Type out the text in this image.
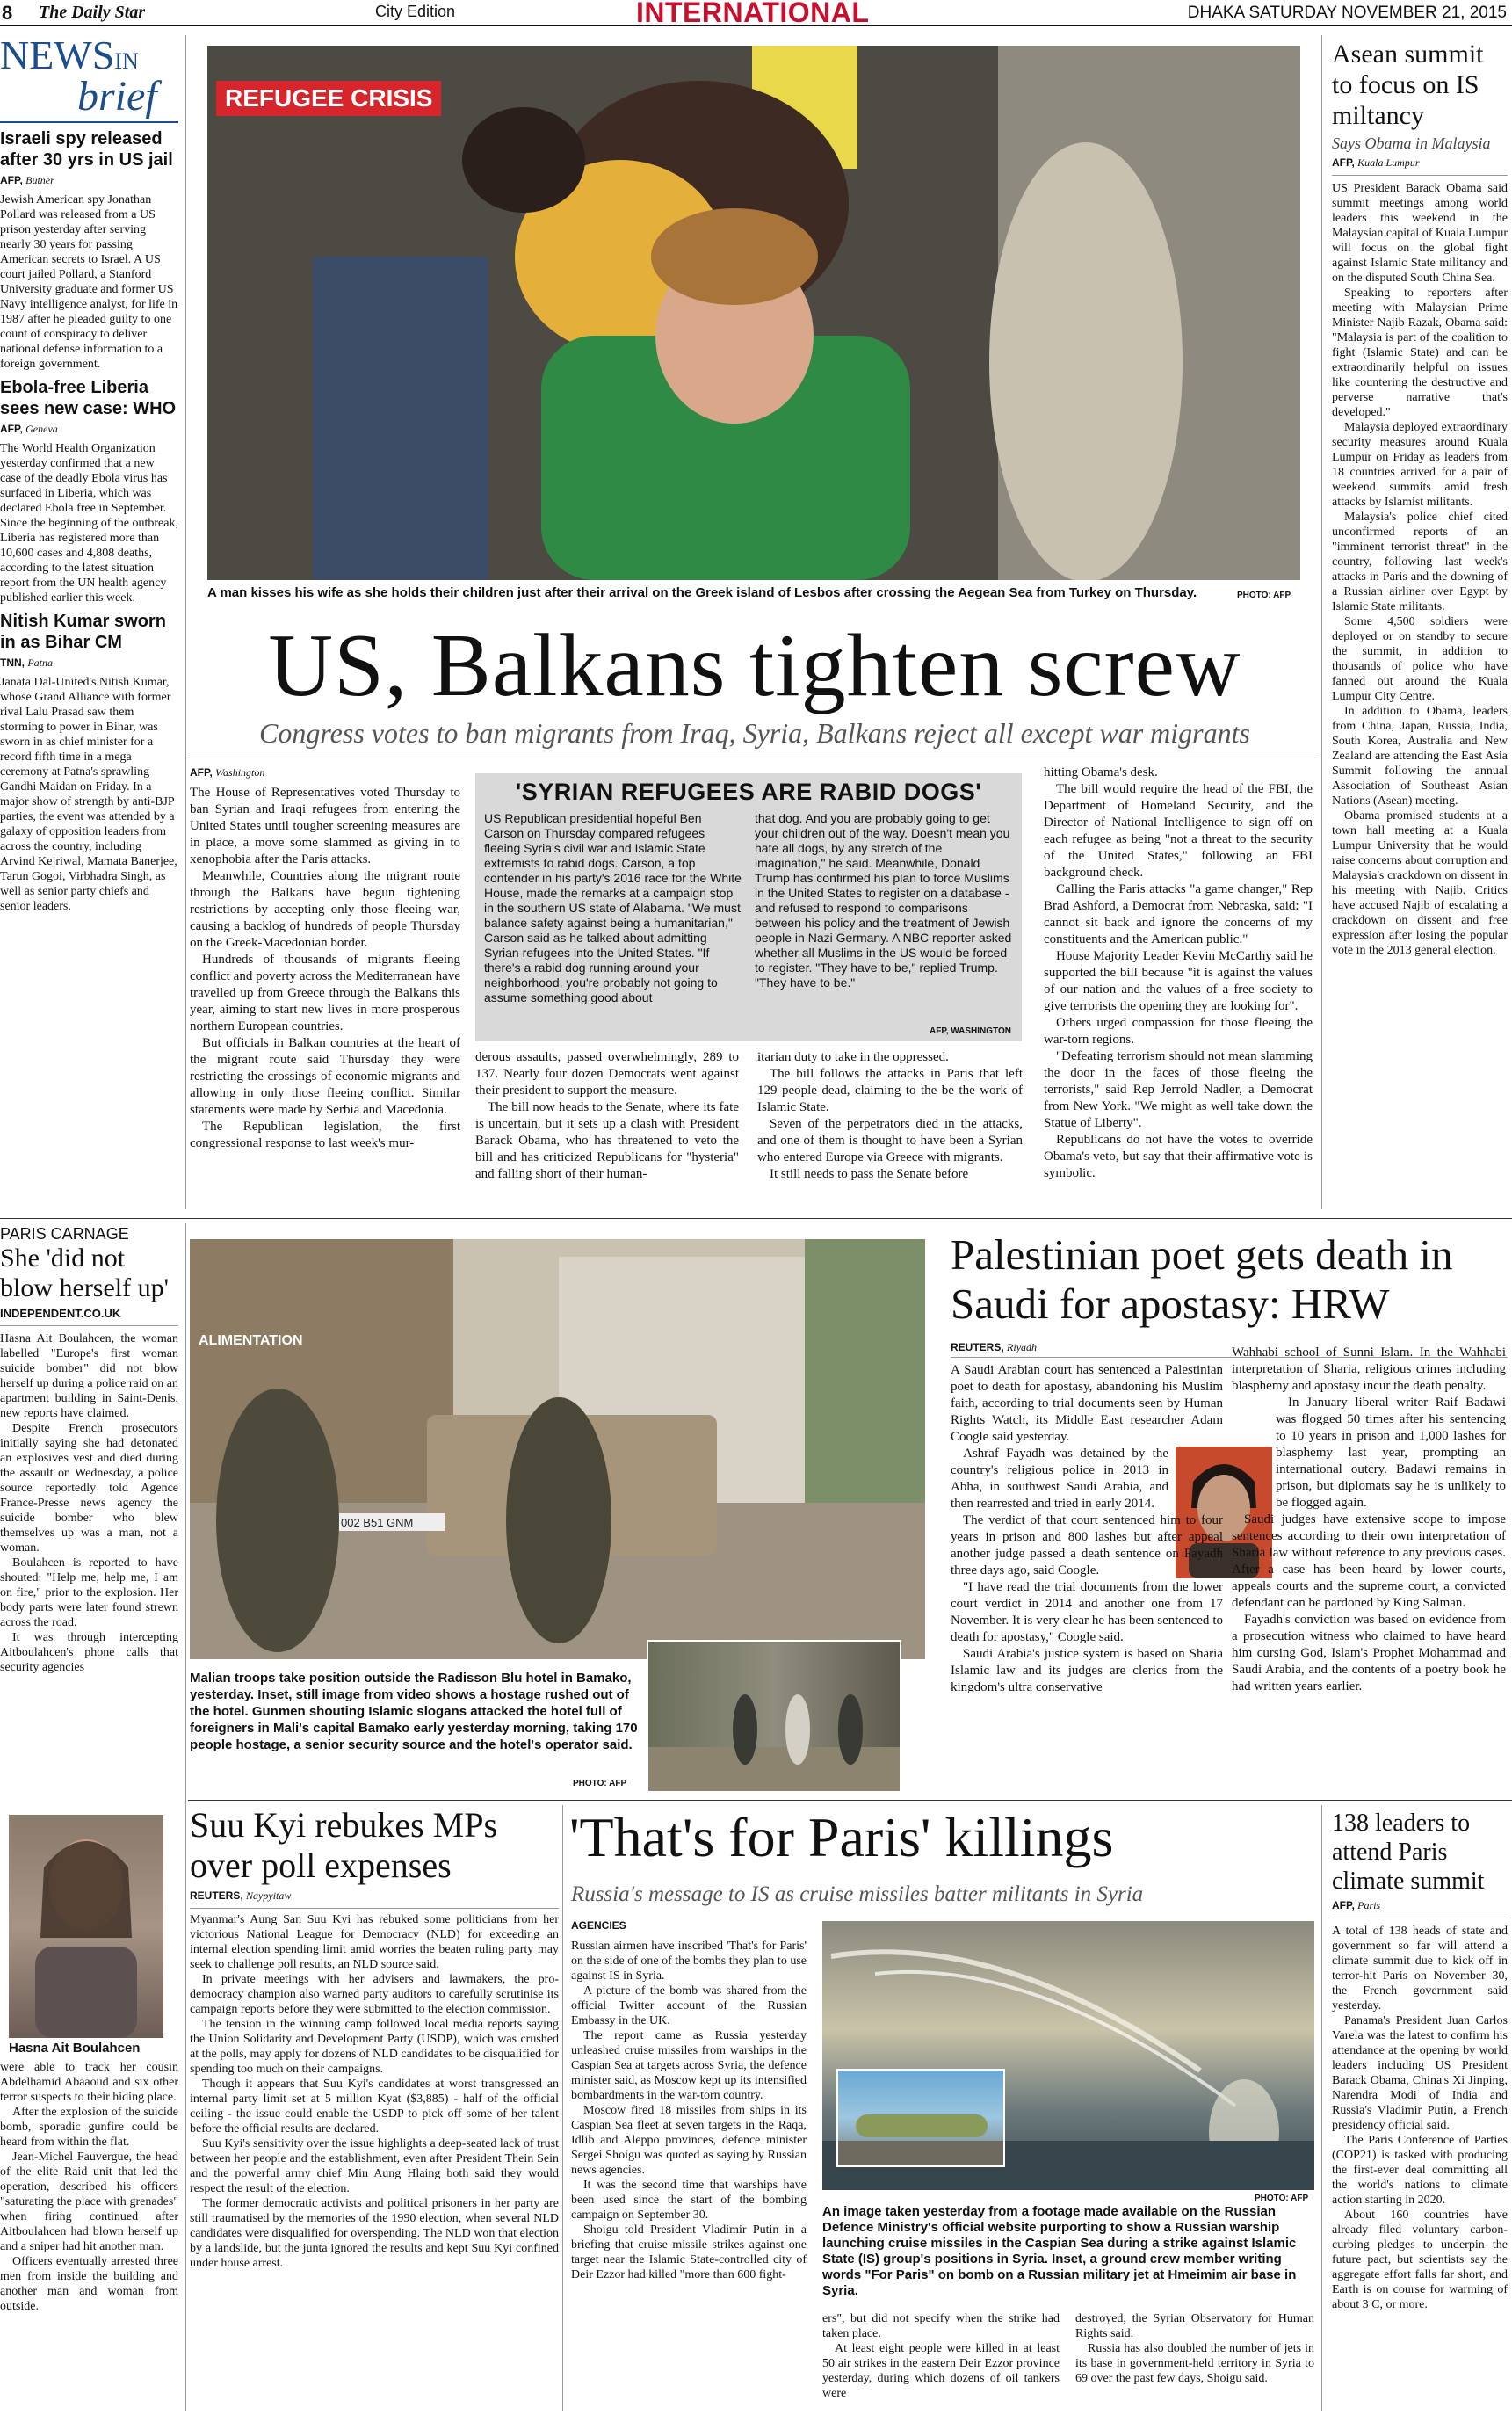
8 The Daily Star	City Edition	INTERNATIONAL	DHAKA SATURDAY NOVEMBER 21, 2015
NEWSIN
brief
Israeli spy released after 30 yrs in US jail
AFP, Butner

Jewish American spy Jonathan Pollard was released from a US prison yesterday after serving nearly 30 years for passing American secrets to Israel. A US court jailed Pollard, a Stanford University graduate and former US Navy intelligence analyst, for life in 1987 after he pleaded guilty to one count of conspiracy to deliver national defense information to a foreign government.

Ebola-free Liberia sees new case: WHO
AFP, Geneva

The World Health Organization yesterday confirmed that a new case of the deadly Ebola virus has surfaced in Liberia, which was declared Ebola free in September. Since the beginning of the outbreak, Liberia has registered more than 10,600 cases and 4,808 deaths, according to the latest situation report from the UN health agency published earlier this week.

Nitish Kumar sworn in as Bihar CM
TNN, Patna

Janata Dal-United's Nitish Kumar, whose Grand Alliance with former rival Lalu Prasad saw them storming to power in Bihar, was sworn in as chief minister for a record fifth time in a mega ceremony at Patna's sprawling Gandhi Maidan on Friday. In a major show of strength by anti-BJP parties, the event was attended by a galaxy of opposition leaders from across the country, including Arvind Kejriwal, Mamata Banerjee, Tarun Gogoi, Virbhadra Singh, as well as senior party chiefs and senior leaders.

REFUGEE CRISIS
A man kisses his wife as she holds their children just after their arrival on the Greek island of Lesbos after crossing the Aegean Sea from Turkey on Thursday.	PHOTO: AFP
Asean summit to focus on IS miltancy
Says Obama in Malaysia
AFP, Kuala Lumpur

US President Barack Obama said summit meetings among world leaders this weekend in the Malaysian capital of Kuala Lumpur will focus on the global fight against Islamic State militancy and on the disputed South China Sea.

Speaking to reporters after meeting with Malaysian Prime Minister Najib Razak, Obama said: "Malaysia is part of the coalition to fight (Islamic State) and can be extraordinarily helpful on issues like countering the destructive and perverse narrative that's developed."

Malaysia deployed extraordinary security measures around Kuala Lumpur on Friday as leaders from 18 countries arrived for a pair of weekend summits amid fresh attacks by Islamist militants.

Malaysia's police chief cited unconfirmed reports of an "imminent terrorist threat" in the country, following last week's attacks in Paris and the downing of a Russian airliner over Egypt by Islamic State militants.

Some 4,500 soldiers were deployed or on standby to secure the summit, in addition to thousands of police who have fanned out around the Kuala Lumpur City Centre.

In addition to Obama, leaders from China, Japan, Russia, India, South Korea, Australia and New Zealand are attending the East Asia Summit following the annual Association of Southeast Asian Nations (Asean) meeting.

Obama promised students at a town hall meeting at a Kuala Lumpur University that he would raise concerns about corruption and Malaysia's crackdown on dissent in his meeting with Najib. Critics have accused Najib of escalating a crackdown on dissent and free expression after losing the popular vote in the 2013 general election.

US, Balkans tighten screw
Congress votes to ban migrants from Iraq, Syria, Balkans reject all except war migrants
AFP, Washington

The House of Representatives voted Thursday to ban Syrian and Iraqi refugees from entering the United States until tougher screening measures are in place, a move some slammed as giving in to xenophobia after the Paris attacks.

Meanwhile, Countries along the migrant route through the Balkans have begun tightening restrictions by accepting only those fleeing war, causing a backlog of hundreds of people Thursday on the Greek-Macedonian border.

Hundreds of thousands of migrants fleeing conflict and poverty across the Mediterranean have travelled up from Greece through the Balkans this year, aiming to start new lives in more prosperous northern European countries.

But officials in Balkan countries at the heart of the migrant route said Thursday they were restricting the crossings of economic migrants and allowing in only those fleeing conflict. Similar statements were made by Serbia and Macedonia.

The Republican legislation, the first congressional response to last week's mur-

'SYRIAN REFUGEES ARE RABID DOGS'
US Republican presidential hopeful Ben Carson on Thursday compared refugees fleeing Syria's civil war and Islamic State extremists to rabid dogs. Carson, a top contender in his party's 2016 race for the White House, made the remarks at a campaign stop in the southern US state of Alabama. "We must balance safety against being a humanitarian," Carson said as he talked about admitting Syrian refugees into the United States. "If there's a rabid dog running around your neighborhood, you're probably not going to assume something good about
that dog. And you are probably going to get your children out of the way. Doesn't mean you hate all dogs, by any stretch of the imagination," he said. Meanwhile, Donald Trump has confirmed his plan to force Muslims in the United States to register on a database - and refused to respond to comparisons between his policy and the treatment of Jewish people in Nazi Germany. A NBC reporter asked whether all Muslims in the US would be forced to register. "They have to be," replied Trump. "They have to be."
AFP, WASHINGTON

derous assaults, passed overwhelmingly, 289 to 137. Nearly four dozen Democrats went against their president to support the measure.

The bill now heads to the Senate, where its fate is uncertain, but it sets up a clash with President Barack Obama, who has threatened to veto the bill and has criticized Republicans for "hysteria" and falling short of their human-

itarian duty to take in the oppressed.

The bill follows the attacks in Paris that left 129 people dead, claiming to the be the work of Islamic State.

Seven of the perpetrators died in the attacks, and one of them is thought to have been a Syrian who entered Europe via Greece with migrants.

It still needs to pass the Senate before

hitting Obama's desk.

The bill would require the head of the FBI, the Department of Homeland Security, and the Director of National Intelligence to sign off on each refugee as being "not a threat to the security of the United States," following an FBI background check.

Calling the Paris attacks "a game changer," Rep Brad Ashford, a Democrat from Nebraska, said: "I cannot sit back and ignore the concerns of my constituents and the American public."

House Majority Leader Kevin McCarthy said he supported the bill because "it is against the values of our nation and the values of a free society to give terrorists the opening they are looking for".

Others urged compassion for those fleeing the war-torn regions.

"Defeating terrorism should not mean slamming the door in the faces of those fleeing the terrorists," said Rep Jerrold Nadler, a Democrat from New York. "We might as well take down the Statue of Liberty".

Republicans do not have the votes to override Obama's veto, but say that their affirmative vote is symbolic.

PARIS CARNAGE
She 'did not blow herself up'
INDEPENDENT.CO.UK

Hasna Ait Boulahcen, the woman labelled "Europe's first woman suicide bomber" did not blow herself up during a police raid on an apartment building in Saint-Denis, new reports have claimed.

Despite French prosecutors initially saying she had detonated an explosives vest and died during the assault on Wednesday, a police source reportedly told Agence France-Presse news agency the suicide bomber who blew themselves up was a man, not a woman.

Boulahcen is reported to have shouted: "Help me, help me, I am on fire," prior to the explosion. Her body parts were later found strewn across the road.

It was through intercepting Aitboulahcen's phone calls that security agencies

Hasna Ait Boulahcen

were able to track her cousin Abdelhamid Abaaoud and six other terror suspects to their hiding place.

After the explosion of the suicide bomb, sporadic gunfire could be heard from within the flat.

Jean-Michel Fauvergue, the head of the elite Raid unit that led the operation, described his officers "saturating the place with grenades" when firing continued after Aitboulahcen had blown herself up and a sniper had hit another man.

Officers eventually arrested three men from inside the building and another man and woman from outside.

ALIMENTATION
002 B51 GNM
Malian troops take position outside the Radisson Blu hotel in Bamako, yesterday. Inset, still image from video shows a hostage rushed out of the hotel. Gunmen shouting Islamic slogans attacked the hotel full of foreigners in Mali's capital Bamako early yesterday morning, taking 170 people hostage, a senior security source and the hotel's operator said.
PHOTO: AFP
Palestinian poet gets death in Saudi for apostasy: HRW
REUTERS, Riyadh

A Saudi Arabian court has sentenced a Palestinian poet to death for apostasy, abandoning his Muslim faith, according to trial documents seen by Human Rights Watch, its Middle East researcher Adam Coogle said yesterday.

Ashraf Fayadh was detained by the country's religious police in 2013 in Abha, in southwest Saudi Arabia, and then rearrested and tried in early 2014.

The verdict of that court sentenced him to four years in prison and 800 lashes but after appeal another judge passed a death sentence on Fayadh three days ago, said Coogle.

"I have read the trial documents from the lower court verdict in 2014 and another one from 17 November. It is very clear he has been sentenced to death for apostasy," Coogle said.

Saudi Arabia's justice system is based on Sharia Islamic law and its judges are clerics from the kingdom's ultra conservative

Wahhabi school of Sunni Islam. In the Wahhabi interpretation of Sharia, religious crimes including blasphemy and apostasy incur the death penalty.

In January liberal writer Raif Badawi was flogged 50 times after his sentencing to 10 years in prison and 1,000 lashes for blasphemy last year, prompting an international outcry. Badawi remains in prison, but diplomats say he is unlikely to be flogged again.

Saudi judges have extensive scope to impose sentences according to their own interpretation of Sharia law without reference to any previous cases. After a case has been heard by lower courts, appeals courts and the supreme court, a convicted defendant can be pardoned by King Salman.

Fayadh's conviction was based on evidence from a prosecution witness who claimed to have heard him cursing God, Islam's Prophet Mohammad and Saudi Arabia, and the contents of a poetry book he had written years earlier.

Suu Kyi rebukes MPs over poll expenses
REUTERS, Naypyitaw

Myanmar's Aung San Suu Kyi has rebuked some politicians from her victorious National League for Democracy (NLD) for exceeding an internal election spending limit amid worries the beaten ruling party may seek to challenge poll results, an NLD source said.

In private meetings with her advisers and lawmakers, the pro-democracy champion also warned party auditors to carefully scrutinise its campaign reports before they were submitted to the election commission.

The tension in the winning camp followed local media reports saying the Union Solidarity and Development Party (USDP), which was crushed at the polls, may apply for dozens of NLD candidates to be disqualified for spending too much on their campaigns.

Though it appears that Suu Kyi's candidates at worst transgressed an internal party limit set at 5 million Kyat ($3,885) - half of the official ceiling - the issue could enable the USDP to pick off some of her talent before the official results are declared.

Suu Kyi's sensitivity over the issue highlights a deep-seated lack of trust between her people and the establishment, even after President Thein Sein and the powerful army chief Min Aung Hlaing both said they would respect the result of the election.

The former democratic activists and political prisoners in her party are still traumatised by the memories of the 1990 election, when several NLD candidates were disqualified for overspending. The NLD won that election by a landslide, but the junta ignored the results and kept Suu Kyi confined under house arrest.

'That's for Paris' killings
Russia's message to IS as cruise missiles batter militants in Syria
AGENCIES

Russian airmen have inscribed 'That's for Paris' on the side of one of the bombs they plan to use against IS in Syria.

A picture of the bomb was shared from the official Twitter account of the Russian Embassy in the UK.

The report came as Russia yesterday unleashed cruise missiles from warships in the Caspian Sea at targets across Syria, the defence minister said, as Moscow kept up its intensified bombardments in the war-torn country.

Moscow fired 18 missiles from ships in its Caspian Sea fleet at seven targets in the Raqa, Idlib and Aleppo provinces, defence minister Sergei Shoigu was quoted as saying by Russian news agencies.

It was the second time that warships have been used since the start of the bombing campaign on September 30.

Shoigu told President Vladimir Putin in a briefing that cruise missile strikes against one target near the Islamic State-controlled city of Deir Ezzor had killed "more than 600 fight-

PHOTO: AFP
An image taken yesterday from a footage made available on the Russian Defence Ministry's official website purporting to show a Russian warship launching cruise missiles in the Caspian Sea during a strike against Islamic State (IS) group's positions in Syria. Inset, a ground crew member writing words "For Paris" on bomb on a Russian military jet at Hmeimim air base in Syria.

ers", but did not specify when the strike had taken place.

At least eight people were killed in at least 50 air strikes in the eastern Deir Ezzor province yesterday, during which dozens of oil tankers were

destroyed, the Syrian Observatory for Human Rights said.

Russia has also doubled the number of jets in its base in government-held territory in Syria to 69 over the past few days, Shoigu said.

138 leaders to attend Paris climate summit
AFP, Paris

A total of 138 heads of state and government so far will attend a climate summit due to kick off in terror-hit Paris on November 30, the French government said yesterday.

Panama's President Juan Carlos Varela was the latest to confirm his attendance at the opening by world leaders including US President Barack Obama, China's Xi Jinping, Narendra Modi of India and Russia's Vladimir Putin, a French presidency official said.

The Paris Conference of Parties (COP21) is tasked with producing the first-ever deal committing all the world's nations to climate action starting in 2020.

About 160 countries have already filed voluntary carbon-curbing pledges to underpin the future pact, but scientists say the aggregate effort falls far short, and Earth is on course for warming of about 3 C, or more.
